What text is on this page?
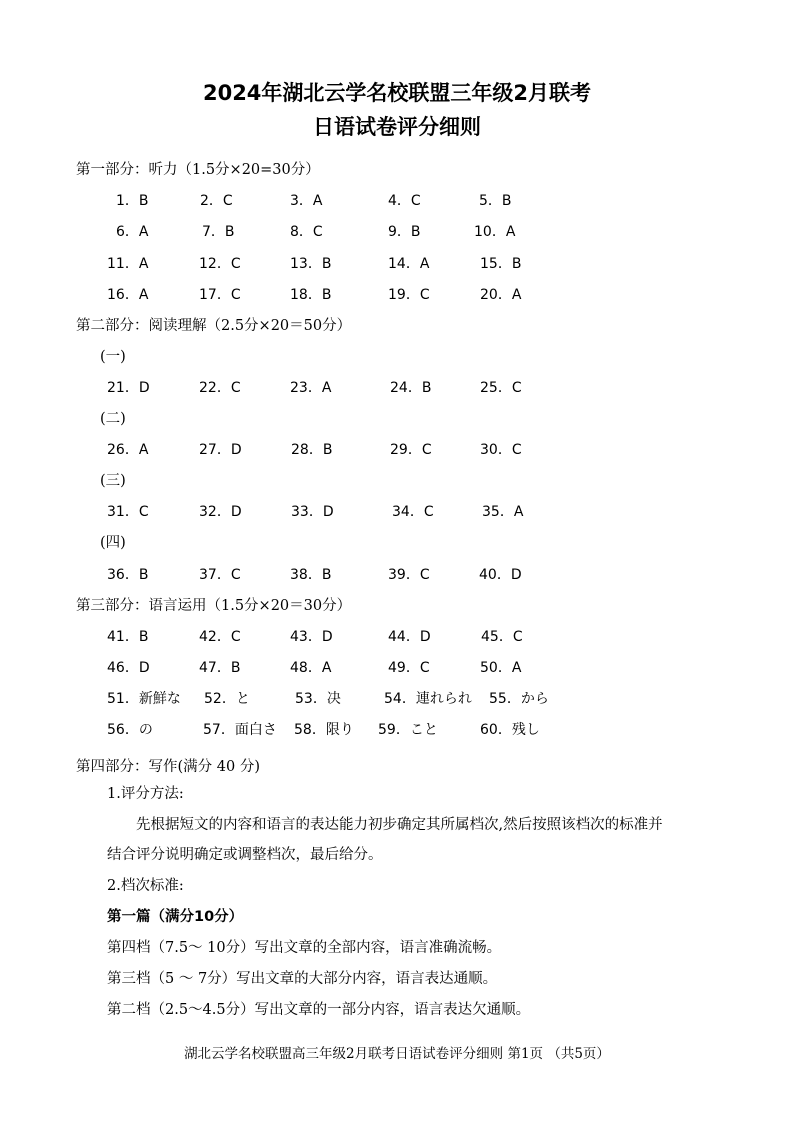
2024年湖北云学名校联盟三年级2月联考
日语试卷评分细则
第一部分：听力（1.5分×20=30分）
1．B	2．C	3．A	4．C	5．B
6．A	7．B	8．C	9．B	10．A
11．A	12．C	13．B	14．A	15．B
16．A	17．C	18．B	19．C	20．A
第二部分：阅读理解（2.5分×20＝50分）
(一)
21．D	22．C	23．A	24．B	25．C
(二)
26．A	27．D	28．B	29．C	30．C
(三)
31．C	32．D	33．D	34．C	35．A
(四)
36．B	37．C	38．B	39．C	40．D
第三部分：语言运用（1.5分×20＝30分）
41．B	42．C	43．D	44．D	45．C
46．D	47．B	48．A	49．C	50．A
51．新鮮な 52．と	53．决	54．連れられ 55．から
56．の	57．面白さ 58．限り 59．こと	60．残し
第四部分：写作(满分 40 分)
1.评分方法:
先根据短文的内容和语言的表达能力初步确定其所属档次,然后按照该档次的标准并
结合评分说明确定或调整档次，最后给分。
2.档次标准:
第一篇（满分10分）
第四档（7.5～ 10分）写出文章的全部内容，语言准确流畅。
第三档（5 ～ 7分）写出文章的大部分内容，语言表达通顺。
第二档（2.5～4.5分）写出文章的一部分内容，语言表达欠通顺。
湖北云学名校联盟高三年级2月联考日语试卷评分细则 第1页 （共5页）
